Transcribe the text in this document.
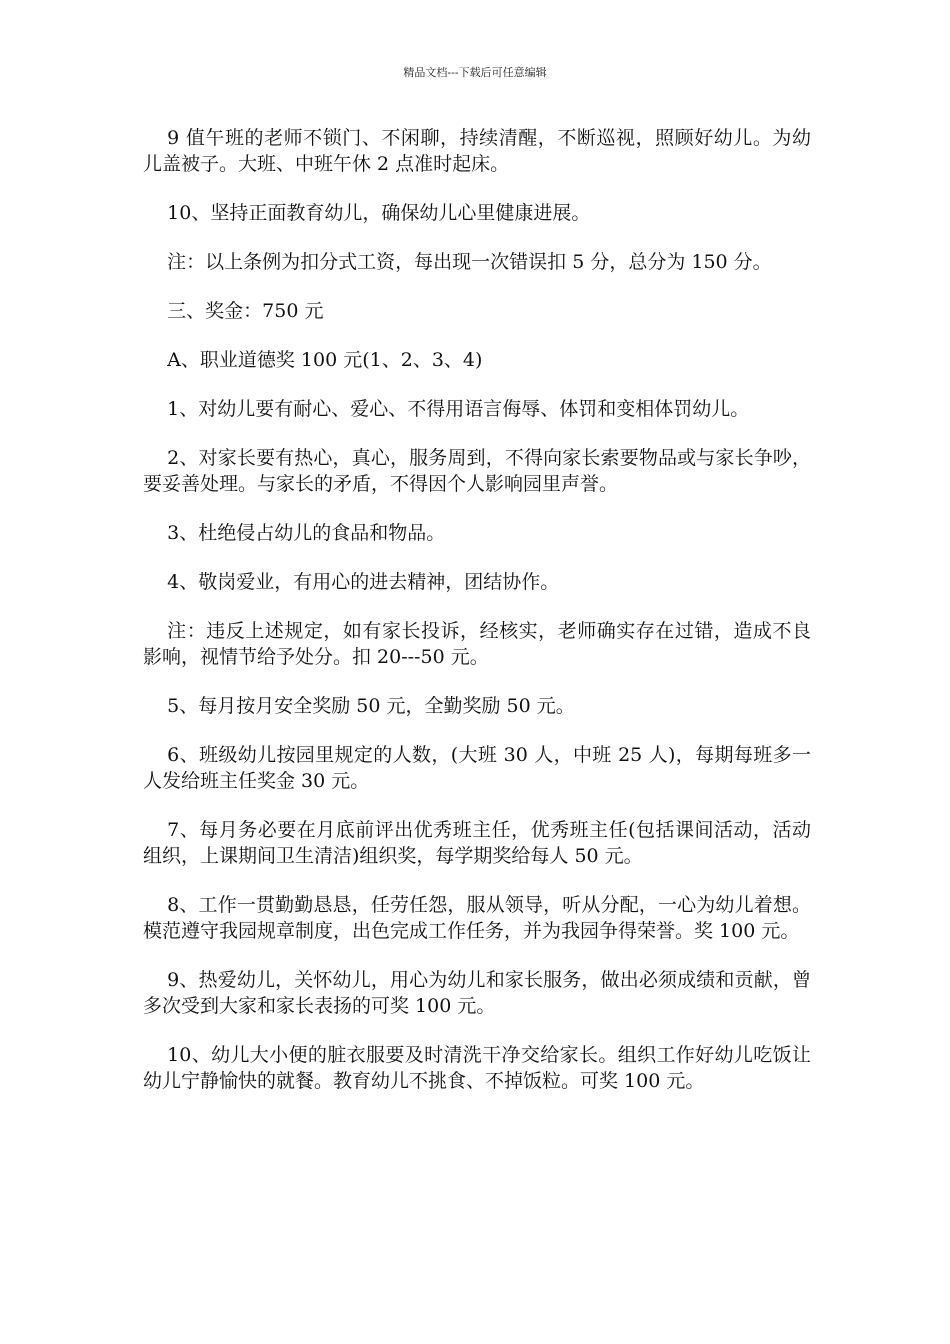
精品文档---下载后可任意编辑

9 值午班的老师不锁门、不闲聊，持续清醒，不断巡视，照顾好幼儿。为幼儿盖被子。大班、中班午休 2 点准时起床。

10、坚持正面教育幼儿，确保幼儿心里健康进展。

注：以上条例为扣分式工资，每出现一次错误扣 5 分，总分为 150 分。

三、奖金：750 元

A、职业道德奖 100 元(1、2、3、4)

1、对幼儿要有耐心、爱心、不得用语言侮辱、体罚和变相体罚幼儿。

2、对家长要有热心，真心，服务周到，不得向家长索要物品或与家长争吵，要妥善处理。与家长的矛盾，不得因个人影响园里声誉。

3、杜绝侵占幼儿的食品和物品。

4、敬岗爱业，有用心的进去精神，团结协作。

注：违反上述规定，如有家长投诉，经核实，老师确实存在过错，造成不良影响，视情节给予处分。扣 20---50 元。

5、每月按月安全奖励 50 元，全勤奖励 50 元。

6、班级幼儿按园里规定的人数，(大班 30 人，中班 25 人)，每期每班多一人发给班主任奖金 30 元。

7、每月务必要在月底前评出优秀班主任，优秀班主任(包括课间活动，活动组织，上课期间卫生清洁)组织奖，每学期奖给每人 50 元。

8、工作一贯勤勤恳恳，任劳任怨，服从领导，听从分配，一心为幼儿着想。模范遵守我园规章制度，出色完成工作任务，并为我园争得荣誉。奖 100 元。

9、热爱幼儿，关怀幼儿，用心为幼儿和家长服务，做出必须成绩和贡献，曾多次受到大家和家长表扬的可奖 100 元。

10、幼儿大小便的脏衣服要及时清洗干净交给家长。组织工作好幼儿吃饭让幼儿宁静愉快的就餐。教育幼儿不挑食、不掉饭粒。可奖 100 元。
